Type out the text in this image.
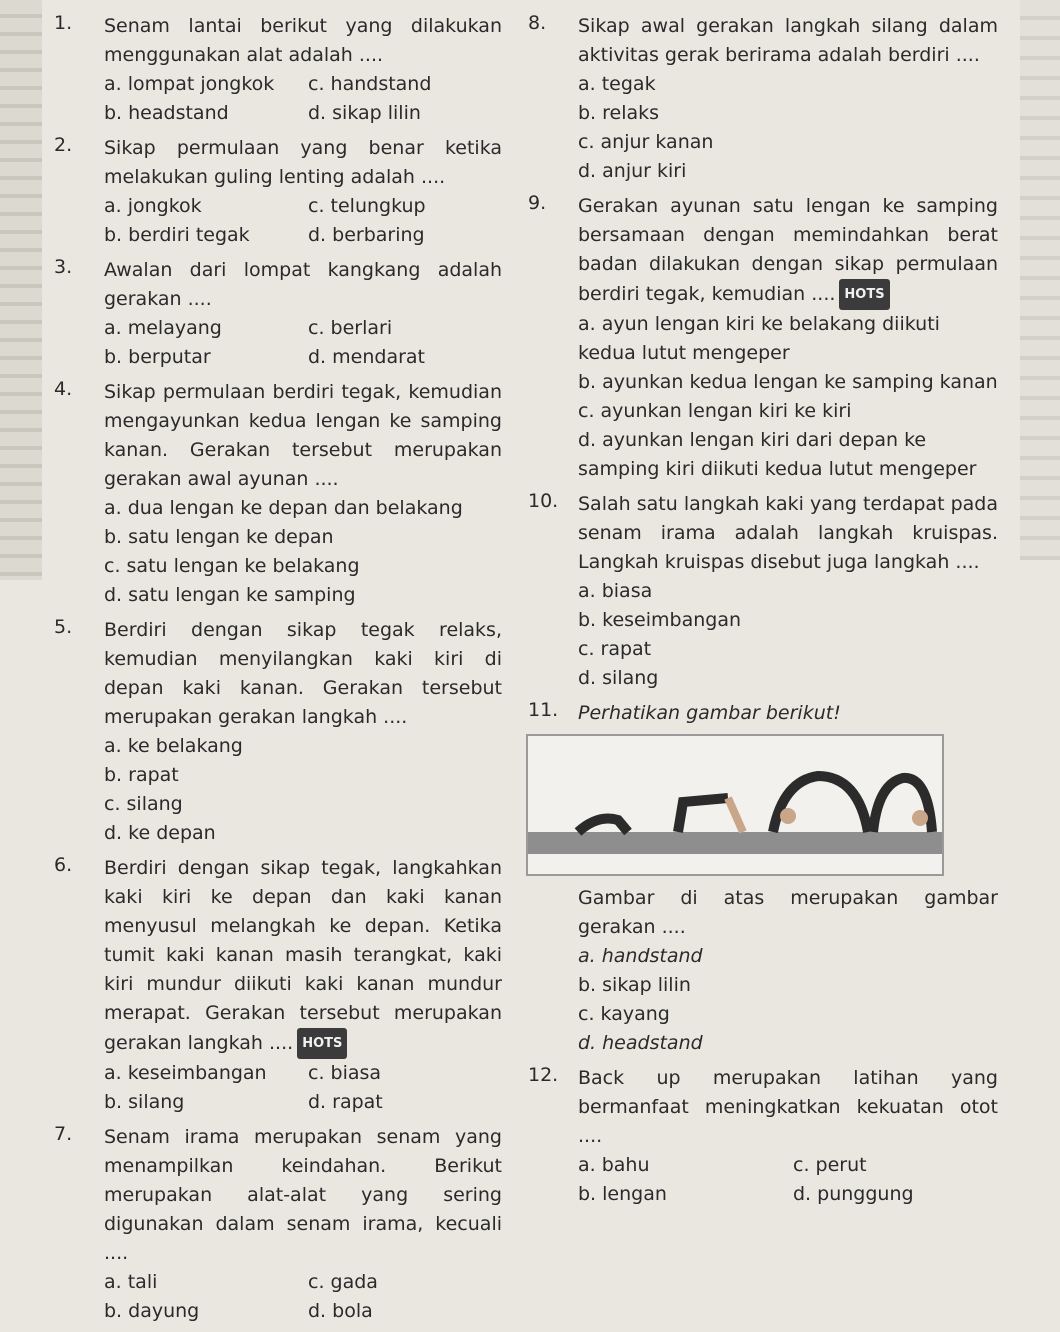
1. Senam lantai berikut yang dilakukan menggunakan alat adalah ....
a. lompat jongkok	c. handstand
b. headstand	d. sikap lilin
2. Sikap permulaan yang benar ketika melakukan guling lenting adalah ....
a. jongkok	c. telungkup
b. berdiri tegak	d. berbaring
3. Awalan dari lompat kangkang adalah gerakan ....
a. melayang	c. berlari
b. berputar	d. mendarat
4. Sikap permulaan berdiri tegak, kemudian mengayunkan kedua lengan ke samping kanan. Gerakan tersebut merupakan gerakan awal ayunan ....
a. dua lengan ke depan dan belakang
b. satu lengan ke depan
c. satu lengan ke belakang
d. satu lengan ke samping
5. Berdiri dengan sikap tegak relaks, kemudian menyilangkan kaki kiri di depan kaki kanan. Gerakan tersebut merupakan gerakan langkah ....
a. ke belakang
b. rapat
c. silang
d. ke depan
6. Berdiri dengan sikap tegak, langkahkan kaki kiri ke depan dan kaki kanan menyusul melangkah ke depan. Ketika tumit kaki kanan masih terangkat, kaki kiri mundur diikuti kaki kanan mundur merapat. Gerakan tersebut merupakan gerakan langkah .... HOTS
a. keseimbangan	c. biasa
b. silang	d. rapat
7. Senam irama merupakan senam yang menampilkan keindahan. Berikut merupakan alat-alat yang sering digunakan dalam senam irama, kecuali ....
a. tali	c. gada
b. dayung	d. bola
8. Sikap awal gerakan langkah silang dalam aktivitas gerak berirama adalah berdiri ....
a. tegak
b. relaks
c. anjur kanan
d. anjur kiri
9. Gerakan ayunan satu lengan ke samping bersamaan dengan memindahkan berat badan dilakukan dengan sikap permulaan berdiri tegak, kemudian .... HOTS
a. ayun lengan kiri ke belakang diikuti kedua lutut mengeper
b. ayunkan kedua lengan ke samping kanan
c. ayunkan lengan kiri ke kiri
d. ayunkan lengan kiri dari depan ke samping kiri diikuti kedua lutut mengeper
10. Salah satu langkah kaki yang terdapat pada senam irama adalah langkah kruispas. Langkah kruispas disebut juga langkah ....
a. biasa
b. keseimbangan
c. rapat
d. silang
11. Perhatikan gambar berikut!
Gambar di atas merupakan gambar gerakan ....
a. handstand
b. sikap lilin
c. kayang
d. headstand
12. Back up merupakan latihan yang bermanfaat meningkatkan kekuatan otot ....
a. bahu	c. perut
b. lengan	d. punggung
